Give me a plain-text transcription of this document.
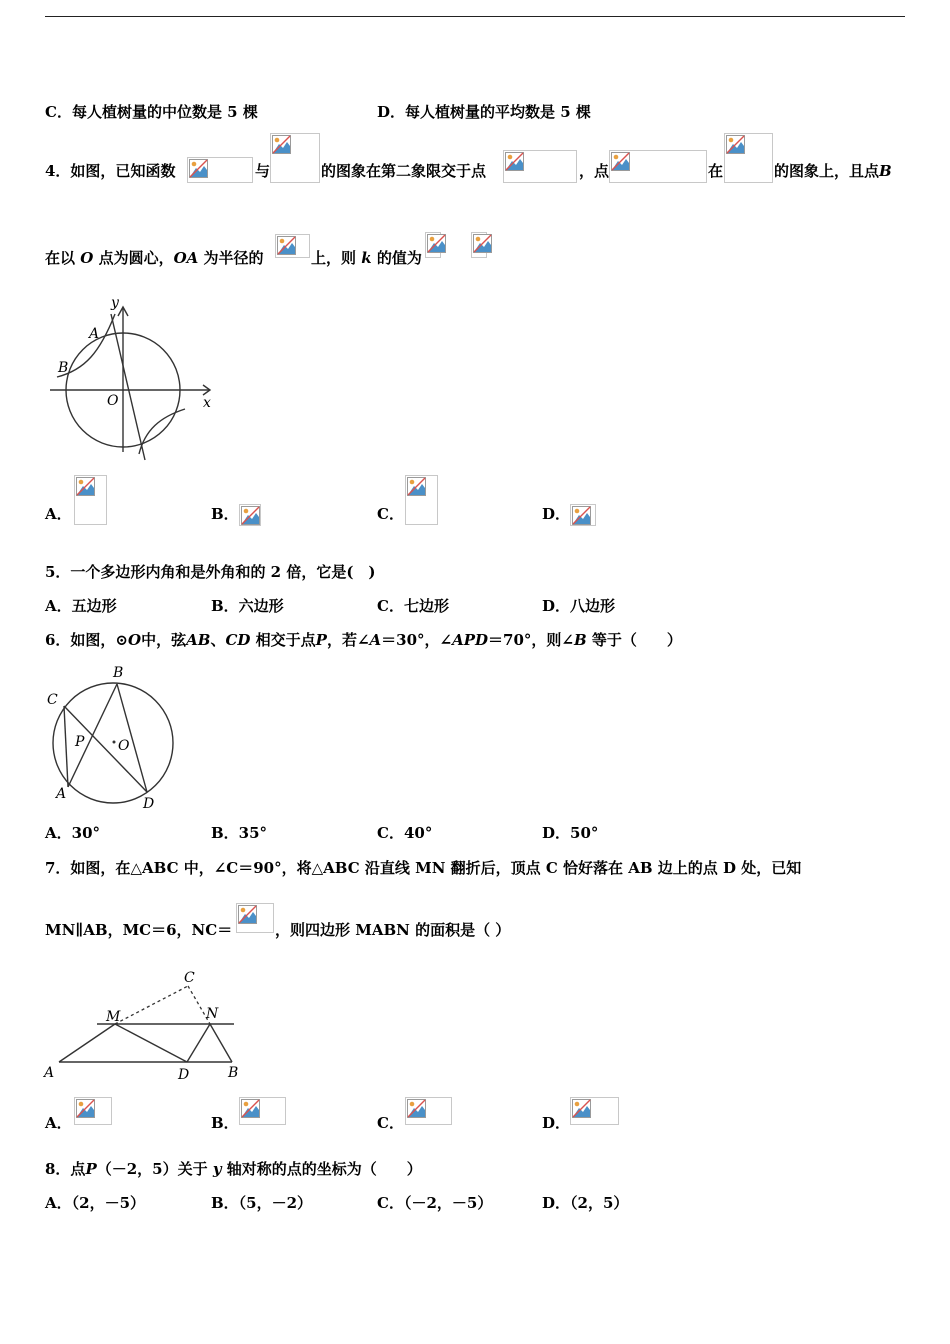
C．每人植树量的中位数是 5 棵	D．每人植树量的平均数是 5 棵
4．如图，已知函数	与	的图象在第二象限交于点	，点	在	的图象上，且点B
在以 O 点为圆心，OA 为半径的	上，则 k 的值为
y
A
B
O	x
A．	B．	C．	D．
5．一个多边形内角和是外角和的 2 倍，它是(　)
A．五边形	B．六边形	C．七边形	D．八边形
6．如图，⊙O中，弦AB、CD 相交于点P，若∠A＝30°，∠APD＝70°，则∠B 等于（　　）
B
C
P O
A
D
A．30°	B．35°	C．40°	D．50°
7．如图，在△ABC 中，∠C＝90°，将△ABC 沿直线 MN 翻折后，顶点 C 恰好落在 AB 边上的点 D 处，已知
MN∥AB，MC＝6，NC＝	，则四边形 MABN 的面积是（ ）
C
M	N
A	D	B
A．	B．	C．	D．
8．点P（－2，5）关于 y 轴对称的点的坐标为（　　）
A．（2，－5）	B．（5，－2）	C．（－2，－5）	D．（2，5）
